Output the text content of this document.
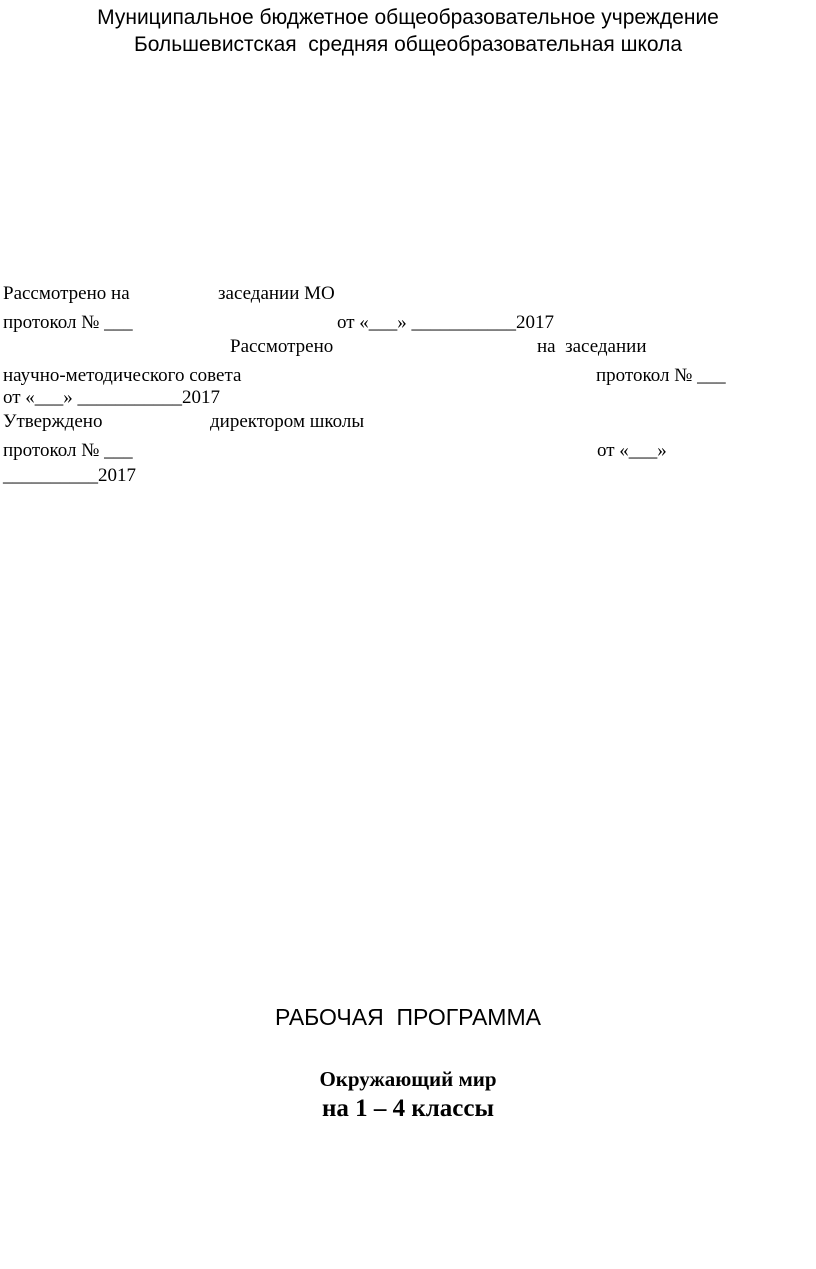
Муниципальное бюджетное общеобразовательное учреждение
Большевистская  средняя общеобразовательная школа
Рассмотрено на	заседании МО
протокол № ___	от «___» ___________2017
Рассмотрено	на  заседании
научно-методического совета	протокол № ___
от «___» ___________2017
Утверждено	директором школы
протокол № ___	от «___»
__________2017
РАБОЧАЯ  ПРОГРАММА
Окружающий мир
на 1 – 4 классы
